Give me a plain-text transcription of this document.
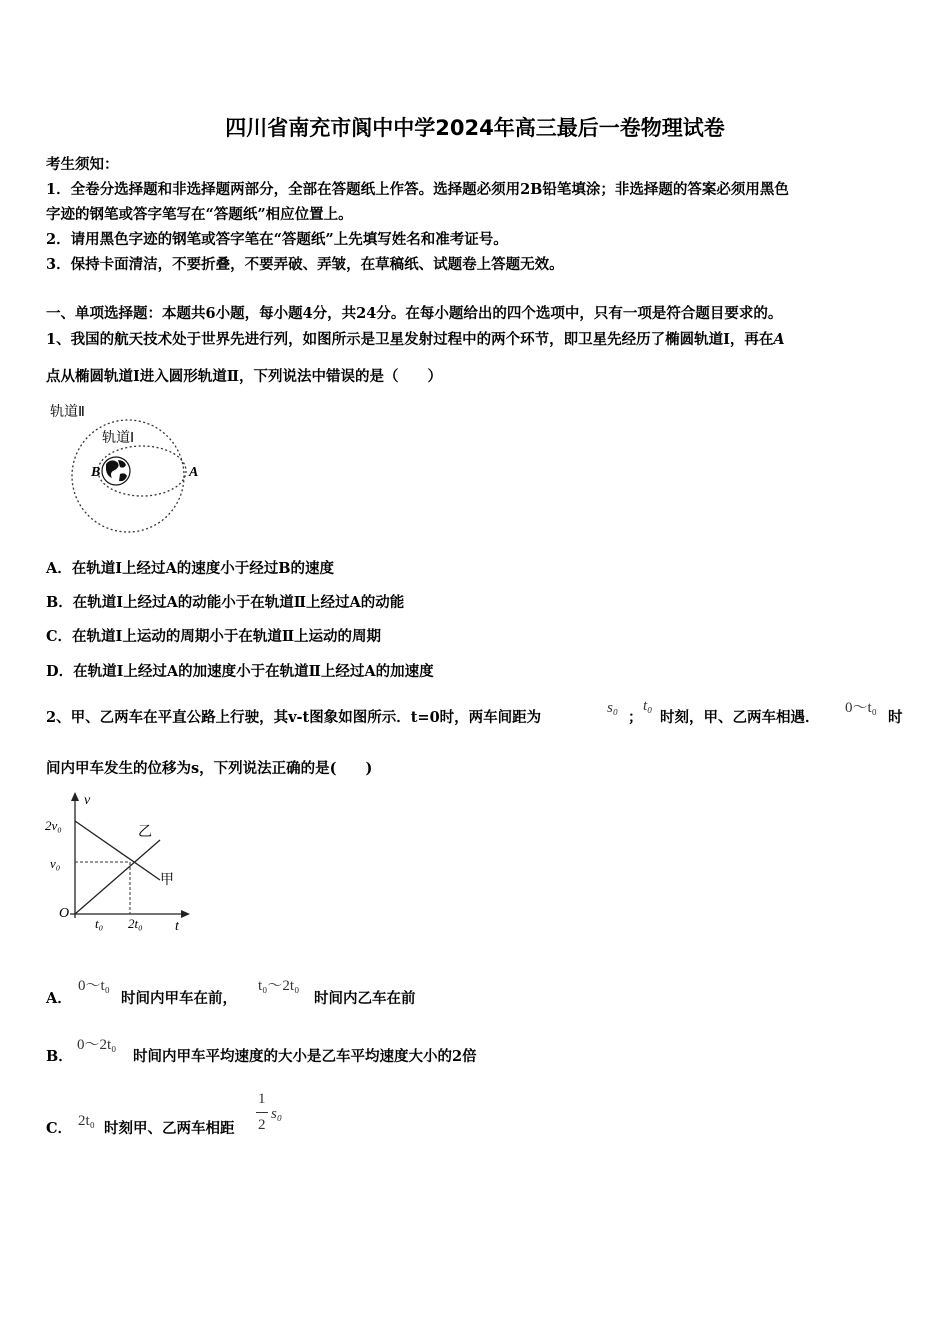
四川省南充市阆中中学2024年高三最后一卷物理试卷
考生须知：
1．全卷分选择题和非选择题两部分，全部在答题纸上作答。选择题必须用2B铅笔填涂；非选择题的答案必须用黑色
字迹的钢笔或答字笔写在“答题纸”相应位置上。
2．请用黑色字迹的钢笔或答字笔在“答题纸”上先填写姓名和准考证号。
3．保持卡面清洁，不要折叠，不要弄破、弄皱，在草稿纸、试题卷上答题无效。
一、单项选择题：本题共6小题，每小题4分，共24分。在每小题给出的四个选项中，只有一项是符合题目要求的。
1、我国的航天技术处于世界先进行列，如图所示是卫星发射过程中的两个环节，即卫星先经历了椭圆轨道Ⅰ，再在A
点从椭圆轨道Ⅰ进入圆形轨道Ⅱ，下列说法中错误的是（　　）
轨道Ⅱ
轨道Ⅰ
B	A
A．在轨道Ⅰ上经过A的速度小于经过B的速度
B．在轨道Ⅰ上经过A的动能小于在轨道Ⅱ上经过A的动能
C．在轨道Ⅰ上运动的周期小于在轨道Ⅱ上运动的周期
D．在轨道Ⅰ上经过A的加速度小于在轨道Ⅱ上经过A的加速度
2、甲、乙两车在平直公路上行驶，其v-t图象如图所示．t=0时，两车间距为
s₀
；
t₀
时刻，甲、乙两车相遇．
0～t₀
时
间内甲车发生的位移为s，下列说法正确的是(　　)
v
t
O
2v₀
v₀
t₀ 2t₀
乙
甲
A．
0～t₀
时间内甲车在前，
t₀～2t₀
时间内乙车在前
B．
0～2t₀
时间内甲车平均速度的大小是乙车平均速度大小的2倍
C． 2t₀ 时刻甲、乙两车相距
1
2
s₀
